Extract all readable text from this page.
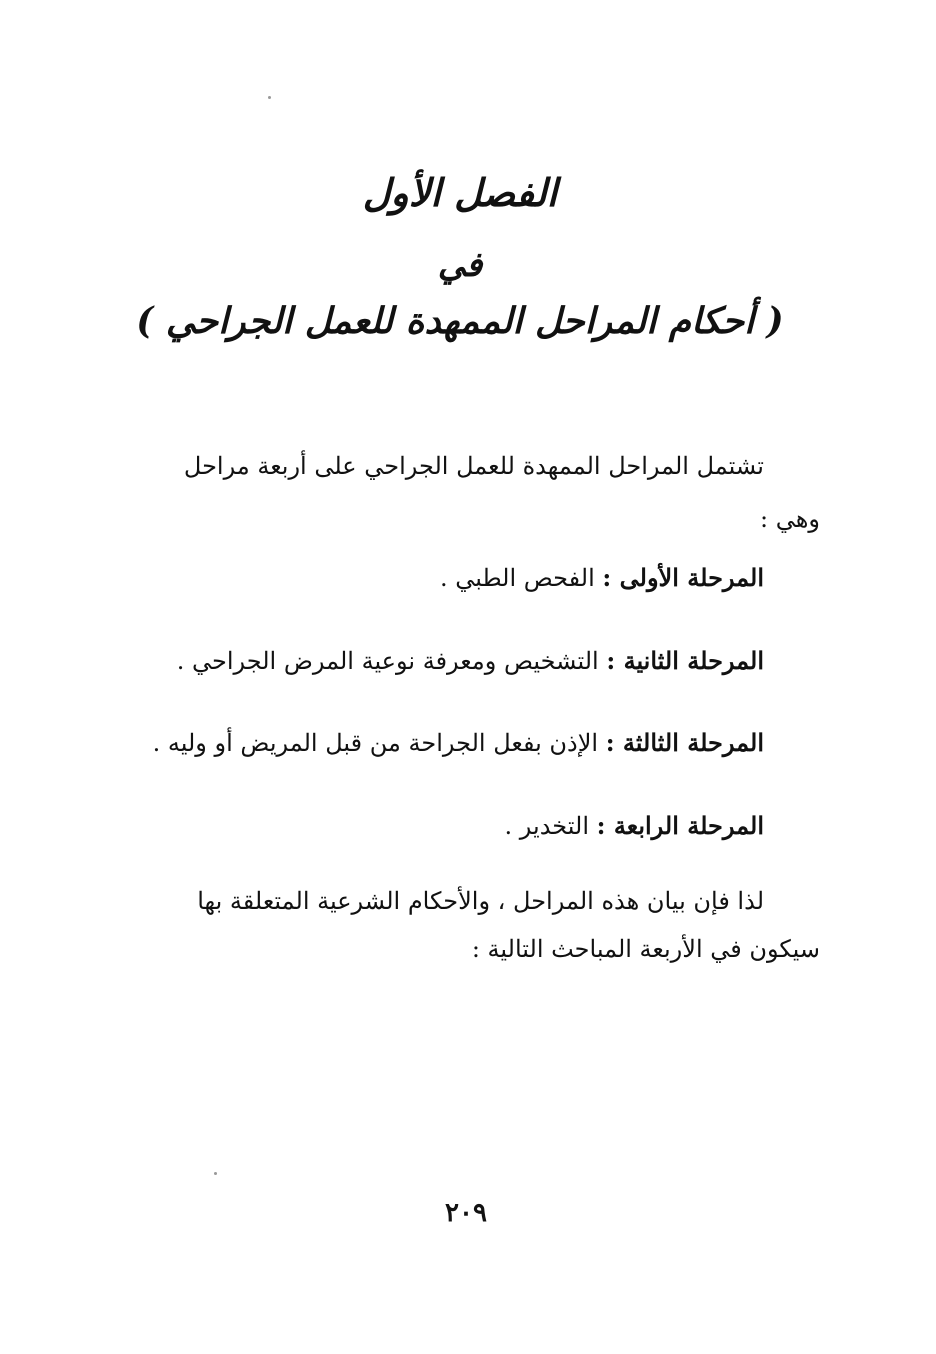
الفصل الأول
في
( أحكام المراحل الممهدة للعمل الجراحي )
تشتمل المراحل الممهدة للعمل الجراحي على أربعة مراحل
وهي :
المرحلة الأولى : الفحص الطبي .
المرحلة الثانية : التشخيص ومعرفة نوعية المرض الجراحي .
المرحلة الثالثة : الإذن بفعل الجراحة من قبل المريض أو وليه .
المرحلة الرابعة : التخدير .
لذا فإن بيان هذه المراحل ، والأحكام الشرعية المتعلقة بها
سيكون في الأربعة المباحث التالية :
٢٠٩
